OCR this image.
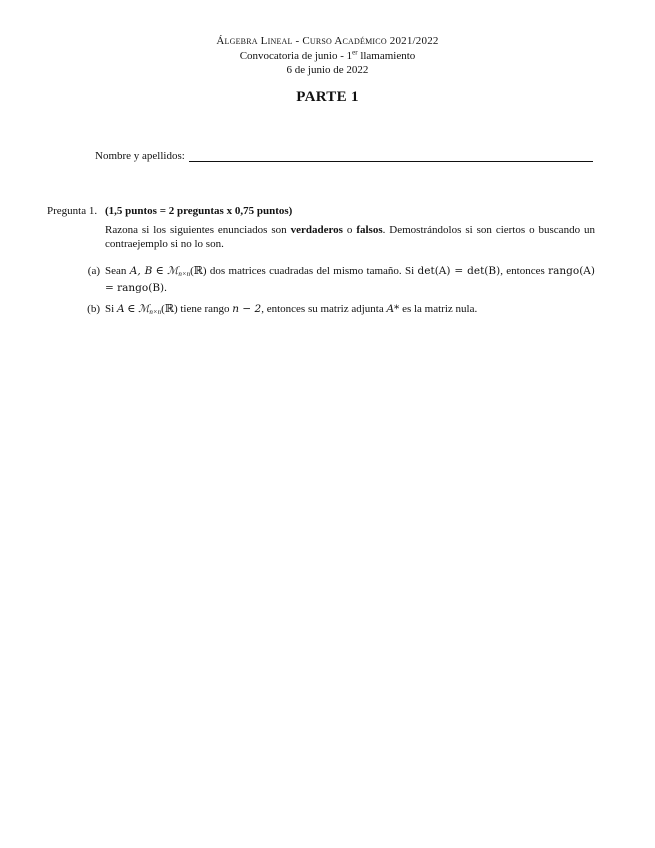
Álgebra Lineal - Curso Académico 2021/2022
Convocatoria de junio - 1er llamamiento
6 de junio de 2022
PARTE 1
Nombre y apellidos:
Pregunta 1. (1,5 puntos = 2 preguntas x 0,75 puntos)
Razona si los siguientes enunciados son verdaderos o falsos. Demostrándolos si son ciertos o buscando un contraejemplo si no lo son.
(a) Sean A, B ∈ ℳ$_{n\times n}$(ℝ) dos matrices cuadradas del mismo tamaño. Si det(A) = det(B), entonces rango(A) = rango(B).
(b) Si A ∈ ℳ$_{n\times n}$(ℝ) tiene rango n − 2, entonces su matriz adjunta A* es la matriz nula.
